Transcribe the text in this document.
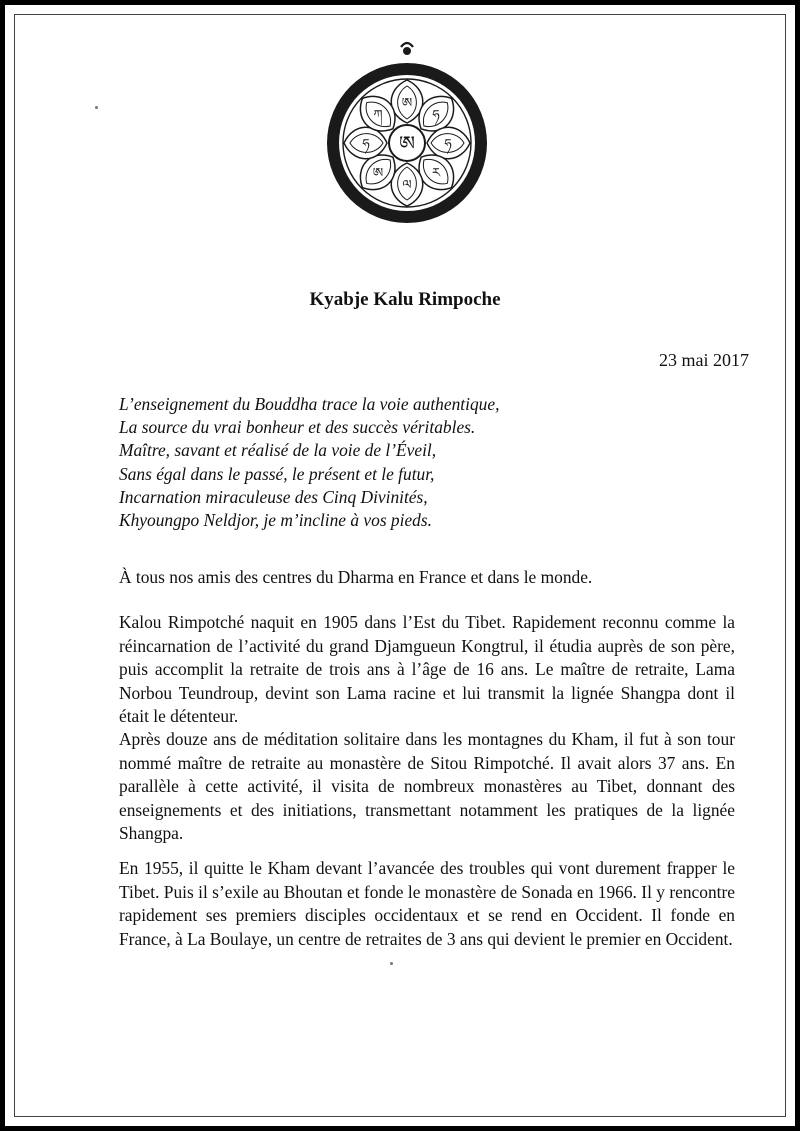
ཨ
ཧ
ཧ
ར
ལ
ཨ
ཧ
ཀ
ཨ
Kyabje Kalu Rimpoche
23 mai 2017
L’enseignement du Bouddha trace la voie authentique,
La source du vrai bonheur et des succès véritables.
Maître, savant et réalisé de la voie de l’Éveil,
Sans égal dans le passé, le présent et le futur,
Incarnation miraculeuse des Cinq Divinités,
Khyoungpo Neldjor, je m’incline à vos pieds.
À tous nos amis des centres du Dharma en France et dans le monde.
Kalou Rimpotché naquit en 1905 dans l’Est du Tibet. Rapidement reconnu comme la réincarnation de l’activité du grand Djamgueun Kongtrul, il étudia auprès de son père, puis accomplit la retraite de trois ans à l’âge de 16 ans. Le maître de retraite, Lama Norbou Teundroup, devint son Lama racine et lui transmit la lignée Shangpa dont il était le détenteur.
Après douze ans de méditation solitaire dans les montagnes du Kham, il fut à son tour nommé maître de retraite au monastère de Sitou Rimpotché. Il avait alors 37 ans. En parallèle à cette activité, il visita de nombreux monastères au Tibet, donnant des enseignements et des initiations, transmettant notamment les pratiques de la lignée Shangpa.
En 1955, il quitte le Kham devant l’avancée des troubles qui vont durement frapper le Tibet. Puis il s’exile au Bhoutan et fonde le monastère de Sonada en 1966. Il y rencontre rapidement ses premiers disciples occidentaux et se rend en Occident. Il fonde en France, à La Boulaye, un centre de retraites de 3 ans qui devient le premier en Occident.
